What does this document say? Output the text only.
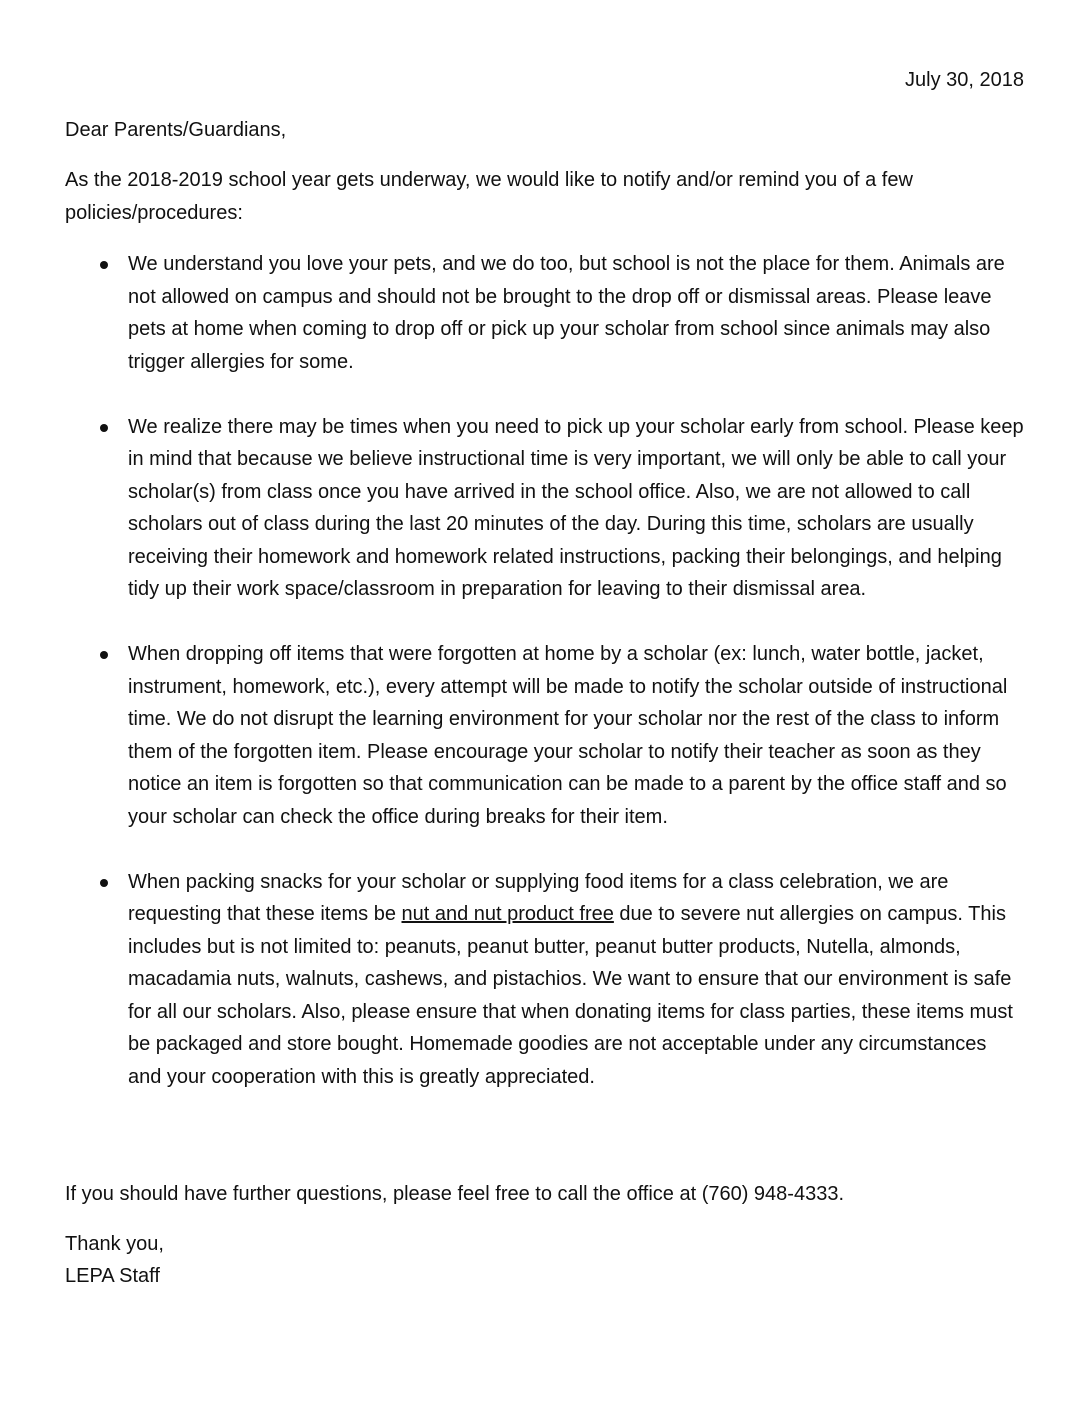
July 30, 2018
Dear Parents/Guardians,
As the 2018-2019 school year gets underway, we would like to notify and/or remind you of a few policies/procedures:
We understand you love your pets, and we do too, but school is not the place for them. Animals are not allowed on campus and should not be brought to the drop off or dismissal areas. Please leave pets at home when coming to drop off or pick up your scholar from school since animals may also trigger allergies for some.
We realize there may be times when you need to pick up your scholar early from school. Please keep in mind that because we believe instructional time is very important, we will only be able to call your scholar(s) from class once you have arrived in the school office. Also, we are not allowed to call scholars out of class during the last 20 minutes of the day. During this time, scholars are usually receiving their homework and homework related instructions, packing their belongings, and helping tidy up their work space/classroom in preparation for leaving to their dismissal area.
When dropping off items that were forgotten at home by a scholar (ex: lunch, water bottle, jacket, instrument, homework, etc.), every attempt will be made to notify the scholar outside of instructional time. We do not disrupt the learning environment for your scholar nor the rest of the class to inform them of the forgotten item. Please encourage your scholar to notify their teacher as soon as they notice an item is forgotten so that communication can be made to a parent by the office staff and so your scholar can check the office during breaks for their item.
When packing snacks for your scholar or supplying food items for a class celebration, we are requesting that these items be nut and nut product free due to severe nut allergies on campus. This includes but is not limited to: peanuts, peanut butter, peanut butter products, Nutella, almonds, macadamia nuts, walnuts, cashews, and pistachios. We want to ensure that our environment is safe for all our scholars. Also, please ensure that when donating items for class parties, these items must be packaged and store bought. Homemade goodies are not acceptable under any circumstances and your cooperation with this is greatly appreciated.
If you should have further questions, please feel free to call the office at (760) 948-4333.
Thank you,
LEPA Staff
